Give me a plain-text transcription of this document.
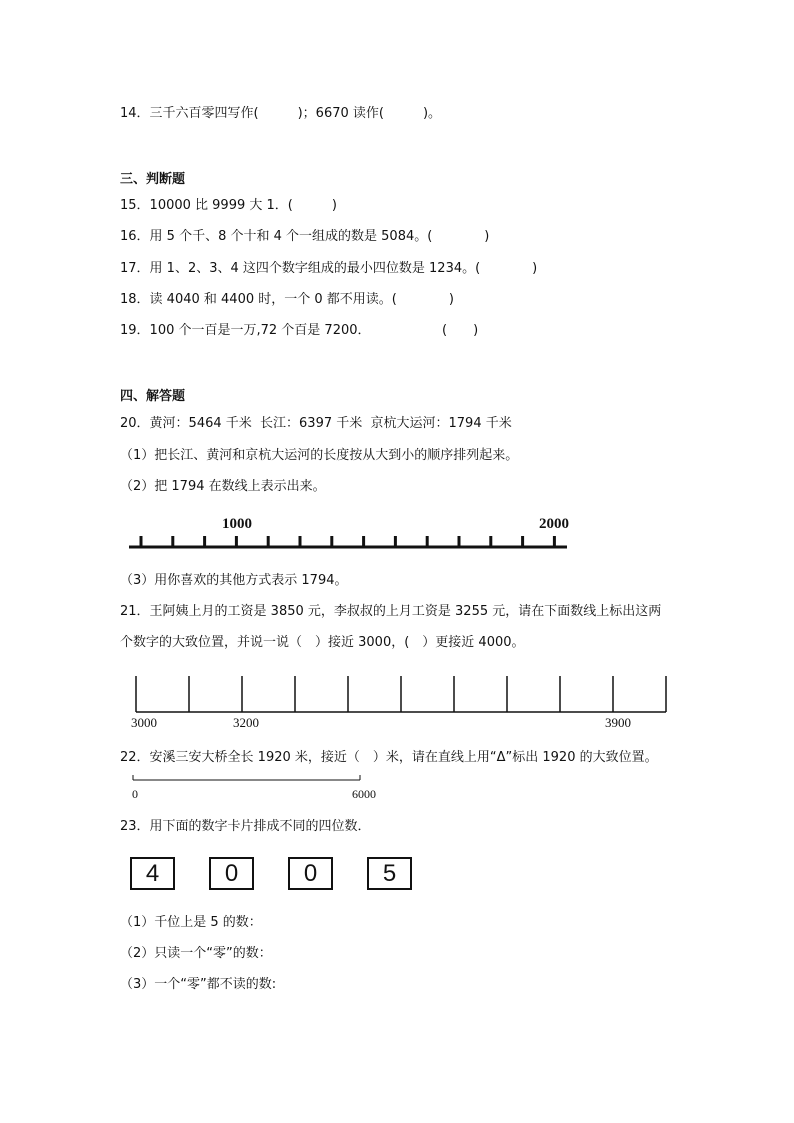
14．三千六百零四写作(　　　)；6670 读作(　　　)。
三、判断题
15．10000 比 9999 大 1．(　　　)
16．用 5 个千、8 个十和 4 个一组成的数是 5084。(　　　　)
17．用 1、2、3、4 这四个数字组成的最小四位数是 1234。(　　　　)
18．读 4040 和 4400 时，一个 0 都不用读。(　　　　)
19．100 个一百是一万,72 个百是 7200．　　　　　　(　　)
四、解答题
20．黄河：5464 千米  长江：6397 千米  京杭大运河：1794 千米
（1）把长江、黄河和京杭大运河的长度按从大到小的顺序排列起来。
（2）把 1794 在数线上表示出来。
1000	2000
（3）用你喜欢的其他方式表示 1794。
21．王阿姨上月的工资是 3850 元，李叔叔的上月工资是 3255 元，请在下面数线上标出这两
个数字的大致位置，并说一说（　）接近 3000，(　）更接近 4000。
3000	3200	3900
22．安溪三安大桥全长 1920 米，接近（　）米，请在直线上用“Δ”标出 1920 的大致位置。
0	6000
23．用下面的数字卡片排成不同的四位数．
4	0	0	5
（1）千位上是 5 的数：
（2）只读一个“零”的数：
（3）一个“零”都不读的数:
